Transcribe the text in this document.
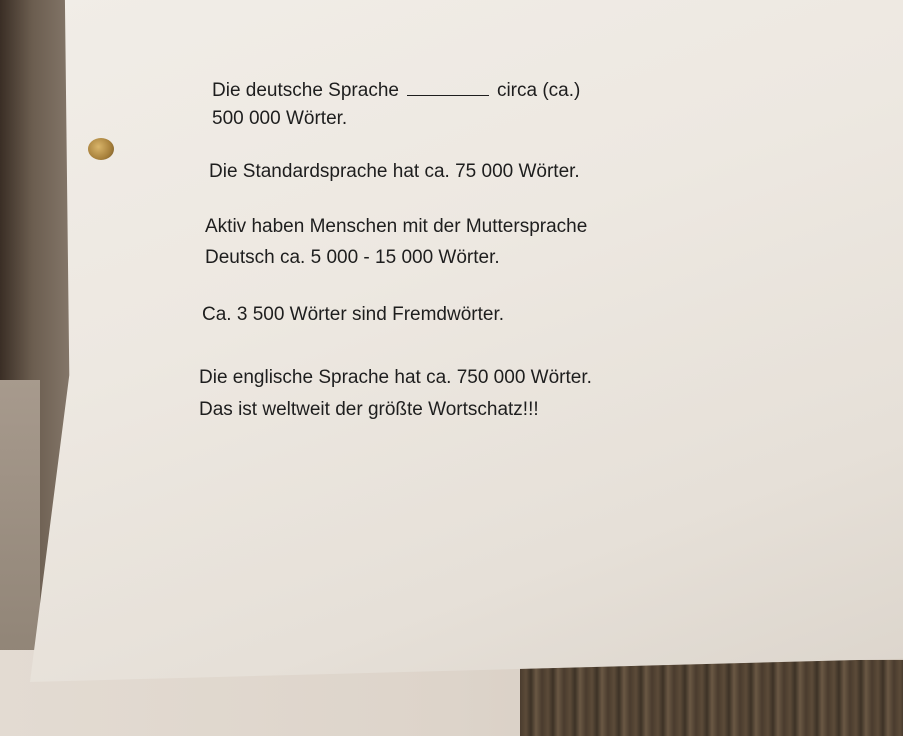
Die deutsche Sprache	circa (ca.)
500 000 Wörter.
Die Standardsprache hat ca. 75 000 Wörter.
Aktiv haben Menschen mit der Muttersprache
Deutsch ca. 5 000 - 15 000 Wörter.
Ca. 3 500 Wörter sind Fremdwörter.
Die englische Sprache hat ca. 750 000 Wörter.
Das ist weltweit der größte Wortschatz!!!
